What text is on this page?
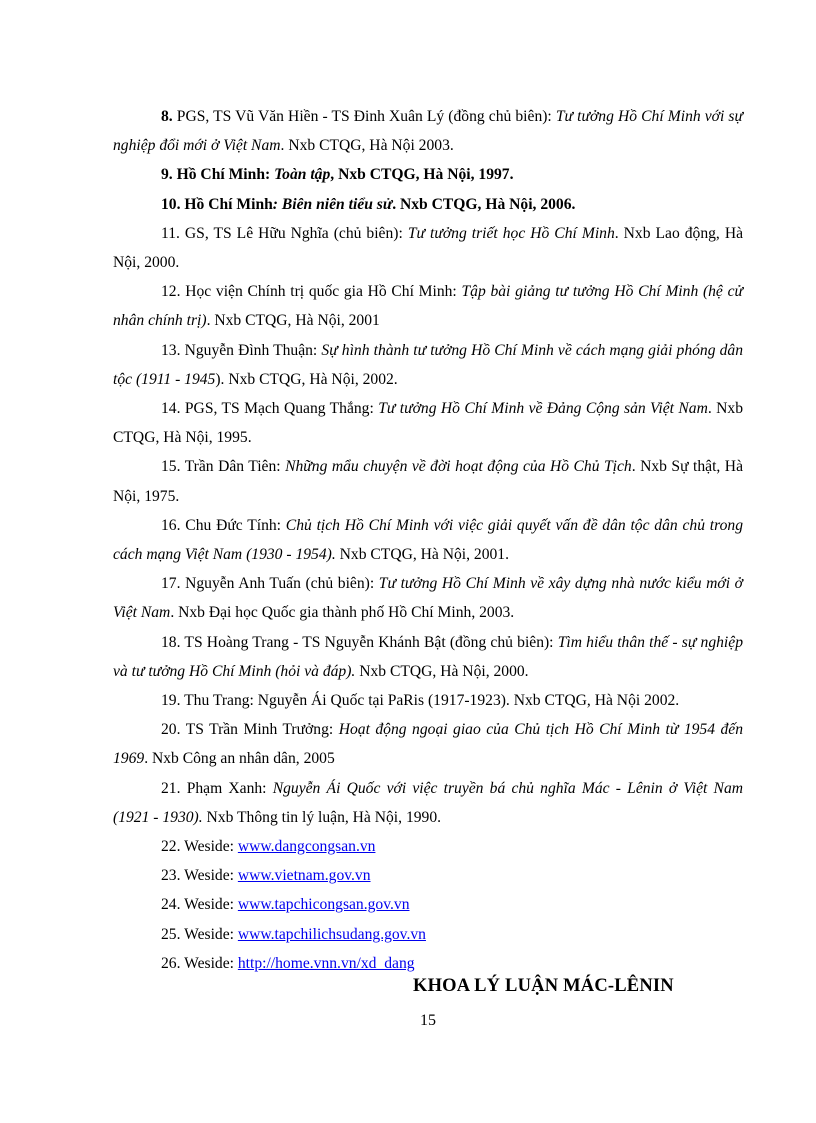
8. PGS, TS Vũ Văn Hiền - TS Đinh Xuân Lý (đồng chủ biên): Tư tưởng Hồ Chí Minh với sự nghiệp đổi mới ở Việt Nam. Nxb CTQG, Hà Nội 2003.

9. Hồ Chí Minh: Toàn tập, Nxb CTQG, Hà Nội, 1997.

10. Hồ Chí Minh: Biên niên tiểu sử. Nxb CTQG, Hà Nội, 2006.

11. GS, TS Lê Hữu Nghĩa (chủ biên): Tư tưởng triết học Hồ Chí Minh. Nxb Lao động, Hà Nội, 2000.

12. Học viện Chính trị quốc gia Hồ Chí Minh: Tập bài giảng tư tưởng Hồ Chí Minh (hệ cử nhân chính trị). Nxb CTQG, Hà Nội, 2001

13. Nguyễn Đình Thuận: Sự hình thành tư tưởng Hồ Chí Minh về cách mạng giải phóng dân tộc (1911 - 1945). Nxb CTQG, Hà Nội, 2002.

14. PGS, TS Mạch Quang Thắng: Tư tưởng Hồ Chí Minh về Đảng Cộng sản Việt Nam. Nxb CTQG, Hà Nội, 1995.

15. Trần Dân Tiên: Những mẩu chuyện về đời hoạt động của Hồ Chủ Tịch. Nxb Sự thật, Hà Nội, 1975.

16. Chu Đức Tính: Chủ tịch Hồ Chí Minh với việc giải quyết vấn đề dân tộc dân chủ trong cách mạng Việt Nam (1930 - 1954). Nxb CTQG, Hà Nội, 2001.

17. Nguyễn Anh Tuấn (chủ biên): Tư tưởng Hồ Chí Minh về xây dựng nhà nước kiểu mới ở Việt Nam. Nxb Đại học Quốc gia thành phố Hồ Chí Minh, 2003.

18. TS Hoàng Trang - TS Nguyễn Khánh Bật (đồng chủ biên): Tìm hiểu thân thế - sự nghiệp và tư tưởng Hồ Chí Minh (hỏi và đáp). Nxb CTQG, Hà Nội, 2000.

19. Thu Trang: Nguyễn Ái Quốc tại PaRis (1917-1923). Nxb CTQG, Hà Nội 2002.

20. TS Trần Minh Trưởng: Hoạt động ngoại giao của Chủ tịch Hồ Chí Minh từ 1954 đến 1969. Nxb Công an nhân dân, 2005

21. Phạm Xanh: Nguyễn Ái Quốc với việc truyền bá chủ nghĩa Mác - Lênin ở Việt Nam (1921 - 1930). Nxb Thông tin lý luận, Hà Nội, 1990.

22. Weside: www.dangcongsan.vn

23. Weside: www.vietnam.gov.vn

24. Weside: www.tapchicongsan.gov.vn

25. Weside: www.tapchilichsudang.gov.vn

26. Weside: http://home.vnn.vn/xd_dang

KHOA LÝ LUẬN MÁC-LÊNIN
15
